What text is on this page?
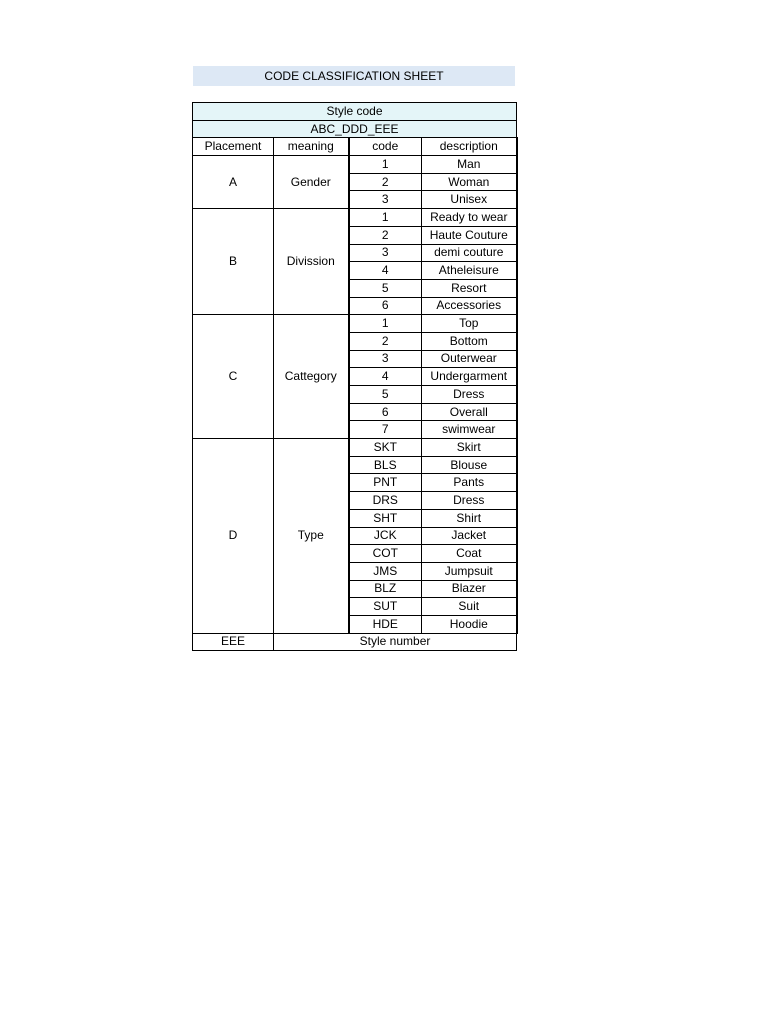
CODE CLASSIFICATION SHEET
Style code			
ABC_DDD_EEE			
Placement	meaning	code	description
A	Gender	1	Man
		2	Woman
		3	Unisex
B	Divission	1	Ready to wear
		2	Haute Couture
		3	demi couture
		4	Atheleisure
		5	Resort
		6	Accessories
C	Cattegory	1	Top
		2	Bottom
		3	Outerwear
		4	Undergarment
		5	Dress
		6	Overall
		7	swimwear
D	Type	SKT	Skirt
		BLS	Blouse
		PNT	Pants
		DRS	Dress
		SHT	Shirt
		JCK	Jacket
		COT	Coat
		JMS	Jumpsuit
		BLZ	Blazer
		SUT	Suit
		HDE	Hoodie
EEE	Style number		
